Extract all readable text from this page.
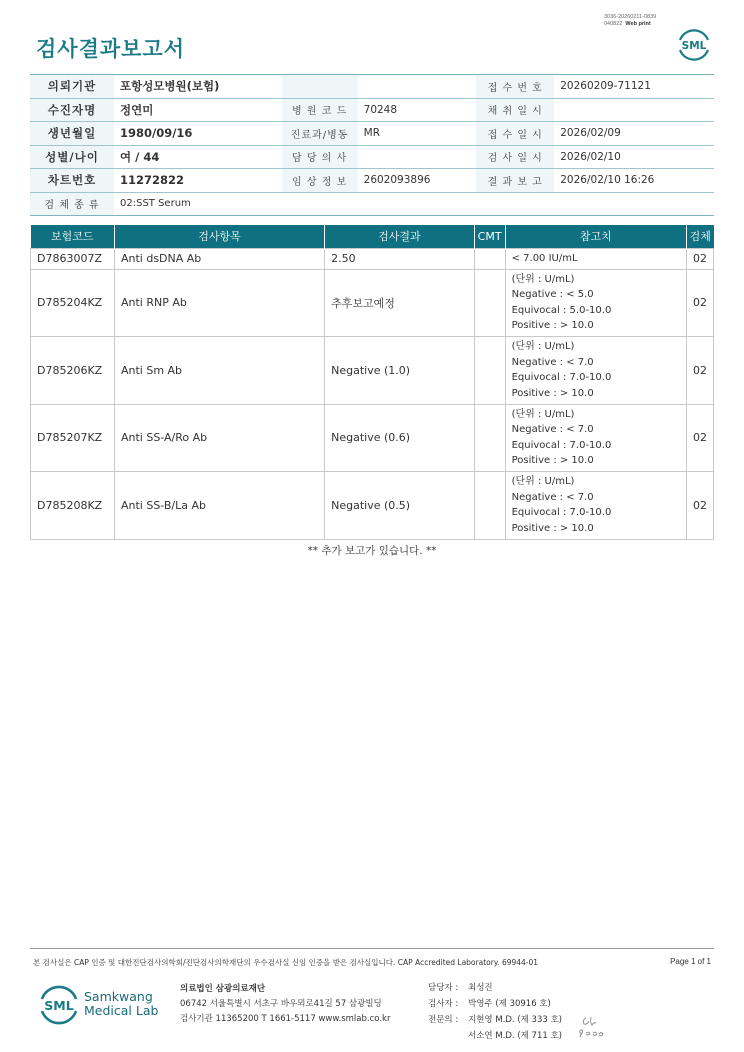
3036-20260211-0839
040822 Web print
검사결과보고서	SML
의뢰기관	포항성모병원(보험)			접 수 번 호	20260209-71121
수진자명	정연미	병 원 코 드	70248	채 취 일 시	
생년월일	1980/09/16	진료과/병동	MR	접 수 일 시	2026/02/09
성별/나이	여 / 44	담 당 의 사		검 사 일 시	2026/02/10
차트번호	11272822	임 상 정 보	2602093896	결 과 보 고	2026/02/10 16:26
검 체 종 류	02:SST Serum				
보험코드	검사항목	검사결과	CMT	참고치	검체
D7863007Z	Anti dsDNA Ab	2.50		< 7.00 IU/mL	02
D785204KZ	Anti RNP Ab	추후보고예정		(단위 : U/mL)
Negative : < 5.0
Equivocal : 5.0-10.0
Positive : > 10.0	02
D785206KZ	Anti Sm Ab	Negative (1.0)		(단위 : U/mL)
Negative : < 7.0
Equivocal : 7.0-10.0
Positive : > 10.0	02
D785207KZ	Anti SS-A/Ro Ab	Negative (0.6)		(단위 : U/mL)
Negative : < 7.0
Equivocal : 7.0-10.0
Positive : > 10.0	02
D785208KZ	Anti SS-B/La Ab	Negative (0.5)		(단위 : U/mL)
Negative : < 7.0
Equivocal : 7.0-10.0
Positive : > 10.0	02
** 추가 보고가 있습니다. **
본 검사실은 CAP 인증 및 대한진단검사의학회/진단검사의학재단의 우수검사실 신임 인증을 받은 검사실입니다. CAP Accredited Laboratory. 69944-01	Page 1 of 1
SML
Samkwang
Medical Lab
의료법인 삼광의료재단
06742 서울특별시 서초구 바우뫼로41길 57 삼광빌딩
검사기관 11365200 T 1661-5117 www.smlab.co.kr
담당자 :	최성진
검사자 :	박영주 (제 30916 호)
전문의 :	지현영 M.D. (제 333 호)
서소연 M.D. (제 711 호)
